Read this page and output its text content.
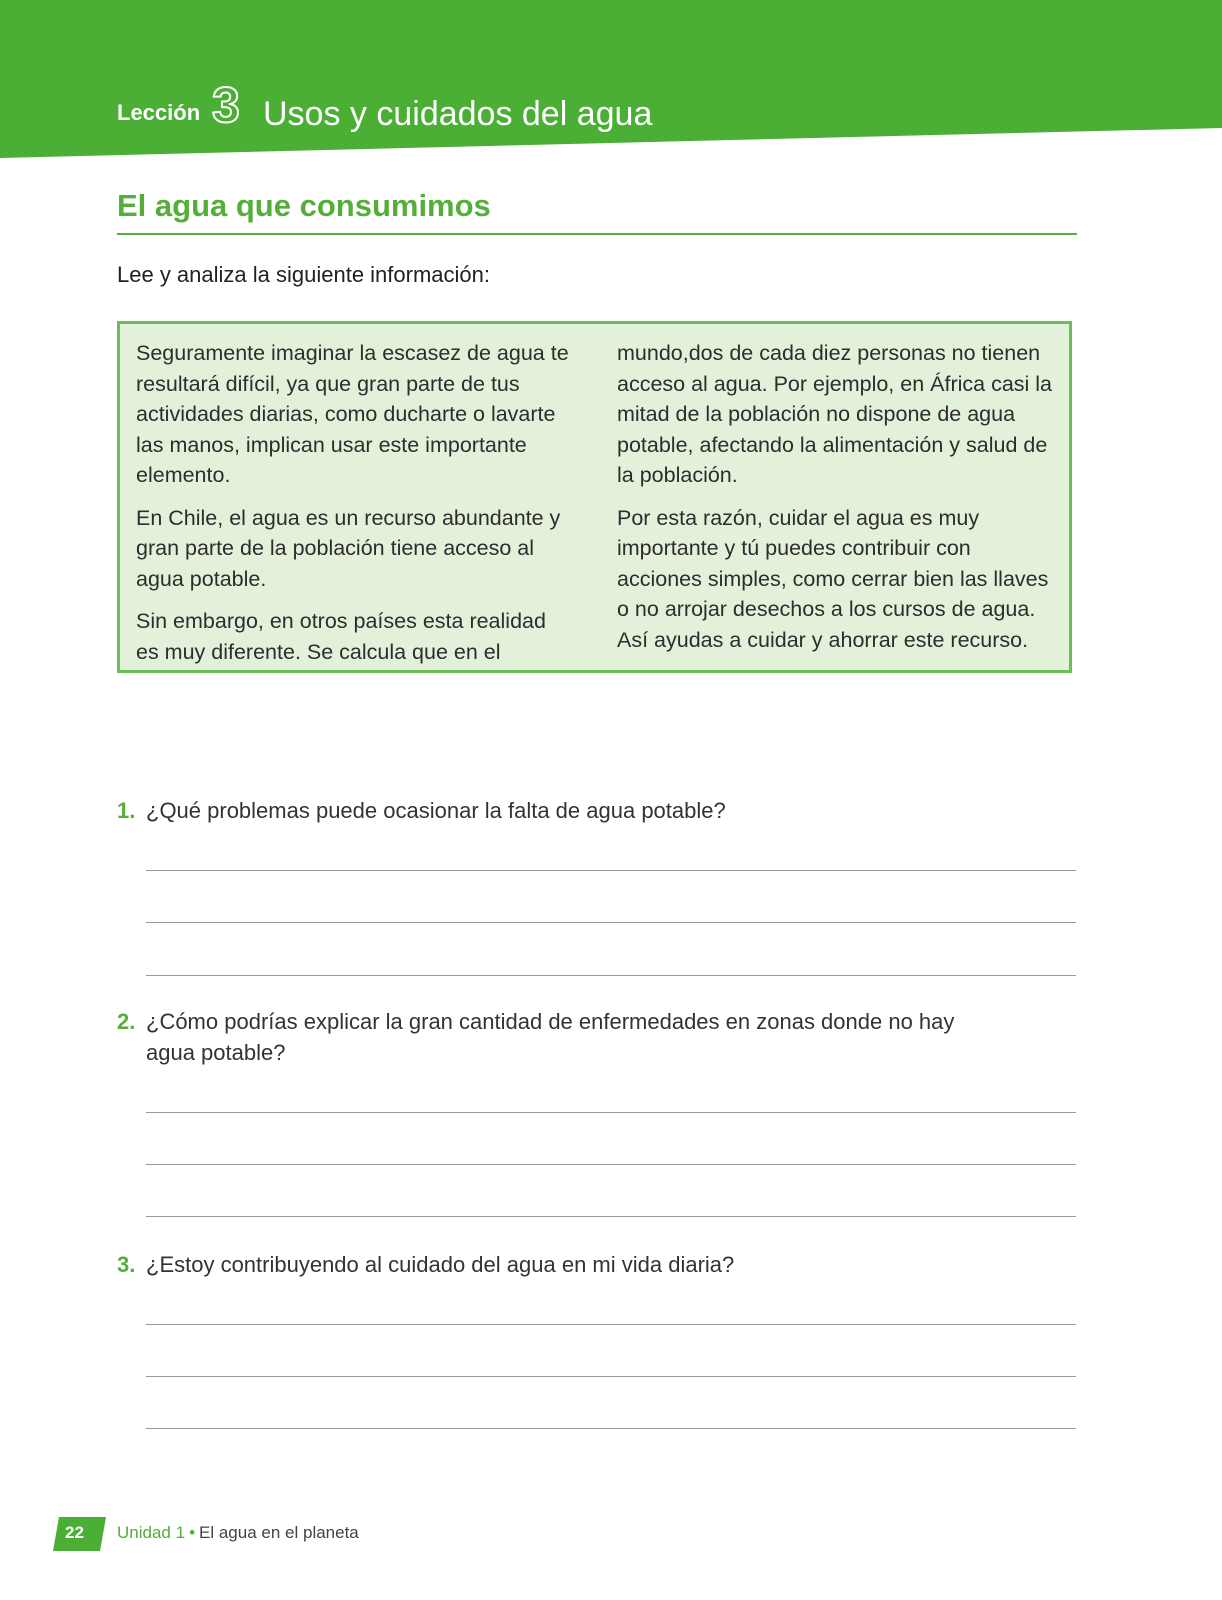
Lección 3 Usos y cuidados del agua
El agua que consumimos
Lee y analiza la siguiente información:

Seguramente imaginar la escasez de agua te resultará difícil, ya que gran parte de tus actividades diarias, como ducharte o lavarte las manos, implican usar este importante elemento.

En Chile, el agua es un recurso abundante y gran parte de la población tiene acceso al agua potable.

Sin embargo, en otros países esta realidad es muy diferente. Se calcula que en el

mundo,dos de cada diez personas no tienen acceso al agua. Por ejemplo, en África casi la mitad de la población no dispone de agua potable, afectando la alimentación y salud de la población.

Por esta razón, cuidar el agua es muy importante y tú puedes contribuir con acciones simples, como cerrar bien las llaves o no arrojar desechos a los cursos de agua. Así ayudas a cuidar y ahorrar este recurso.

1. ¿Qué problemas puede ocasionar la falta de agua potable?
2. ¿Cómo podrías explicar la gran cantidad de enfermedades en zonas donde no hay agua potable?
3. ¿Estoy contribuyendo al cuidado del agua en mi vida diaria?
22 Unidad 1 • El agua en el planeta
